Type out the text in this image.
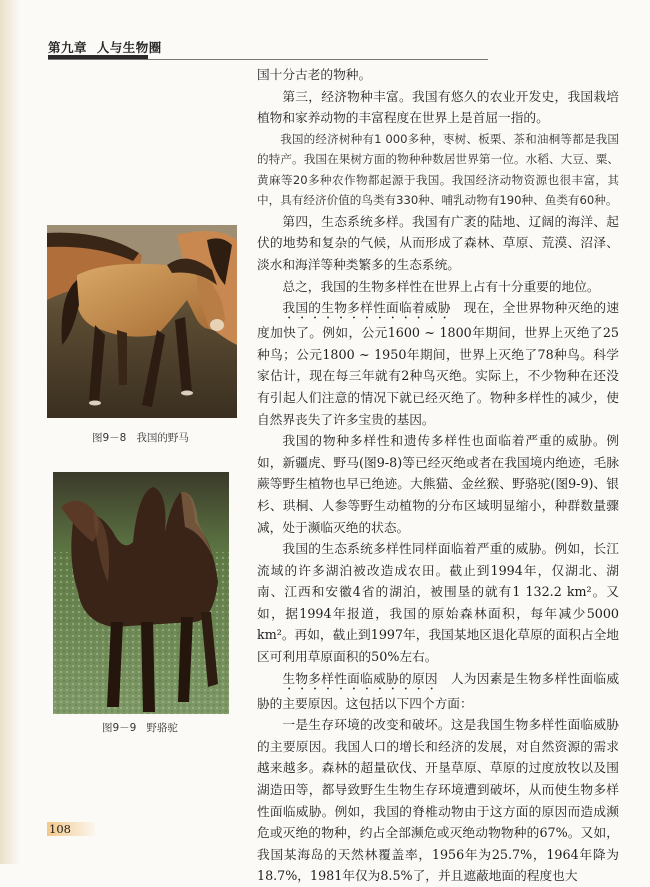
第九章 人与生物圈

国十分古老的物种。

第三，经济物种丰富。我国有悠久的农业开发史，我国栽培植物和家养动物的丰富程度在世界上是首屈一指的。

我国的经济树种有1 000多种，枣树、板栗、茶和油桐等都是我国的特产。我国在果树方面的物种种数居世界第一位。水稻、大豆、粟、黄麻等20多种农作物都起源于我国。我国经济动物资源也很丰富，其中，具有经济价值的鸟类有330种、哺乳动物有190种、鱼类有60种。

第四，生态系统多样。我国有广袤的陆地、辽阔的海洋、起伏的地势和复杂的气候，从而形成了森林、草原、荒漠、沼泽、淡水和海洋等种类繁多的生态系统。

总之，我国的生物多样性在世界上占有十分重要的地位。

我国的生物多样性面临着威胁  现在，全世界物种灭绝的速度加快了。例如，公元1600 ~ 1800年期间，世界上灭绝了25种鸟；公元1800 ~ 1950年期间，世界上灭绝了78种鸟。科学家估计，现在每三年就有2种鸟灭绝。实际上，不少物种在还没有引起人们注意的情况下就已经灭绝了。物种多样性的减少，使自然界丧失了许多宝贵的基因。

我国的物种多样性和遗传多样性也面临着严重的威胁。例如，新疆虎、野马(图9-8)等已经灭绝或者在我国境内绝迹，毛脉蕨等野生植物也早已绝迹。大熊猫、金丝猴、野骆驼(图9-9)、银杉、珙桐、人参等野生动植物的分布区域明显缩小，种群数量骤减，处于濒临灭绝的状态。

我国的生态系统多样性同样面临着严重的威胁。例如，长江流域的许多湖泊被改造成农田。截止到1994年，仅湖北、湖南、江西和安徽4省的湖泊，被围垦的就有1 132.2 km²。又如，据1994年报道，我国的原始森林面积，每年减少5000 km²。再如，截止到1997年，我国某地区退化草原的面积占全地区可利用草原面积的50%左右。

生物多样性面临威胁的原因  人为因素是生物多样性面临威胁的主要原因。这包括以下四个方面：

一是生存环境的改变和破坏。这是我国生物多样性面临威胁的主要原因。我国人口的增长和经济的发展，对自然资源的需求越来越多。森林的超量砍伐、开垦草原、草原的过度放牧以及围湖造田等，都导致野生生物生存环境遭到破坏，从而使生物多样性面临威胁。例如，我国的脊椎动物由于这方面的原因而造成濒危或灭绝的物种，约占全部濒危或灭绝动物物种的67%。又如，我国某海岛的天然林覆盖率，1956年为25.7%，1964年降为18.7%，1981年仅为8.5%了，并且遮蔽地面的程度也大

图9－8 我国的野马
图9－9 野骆驼
108
